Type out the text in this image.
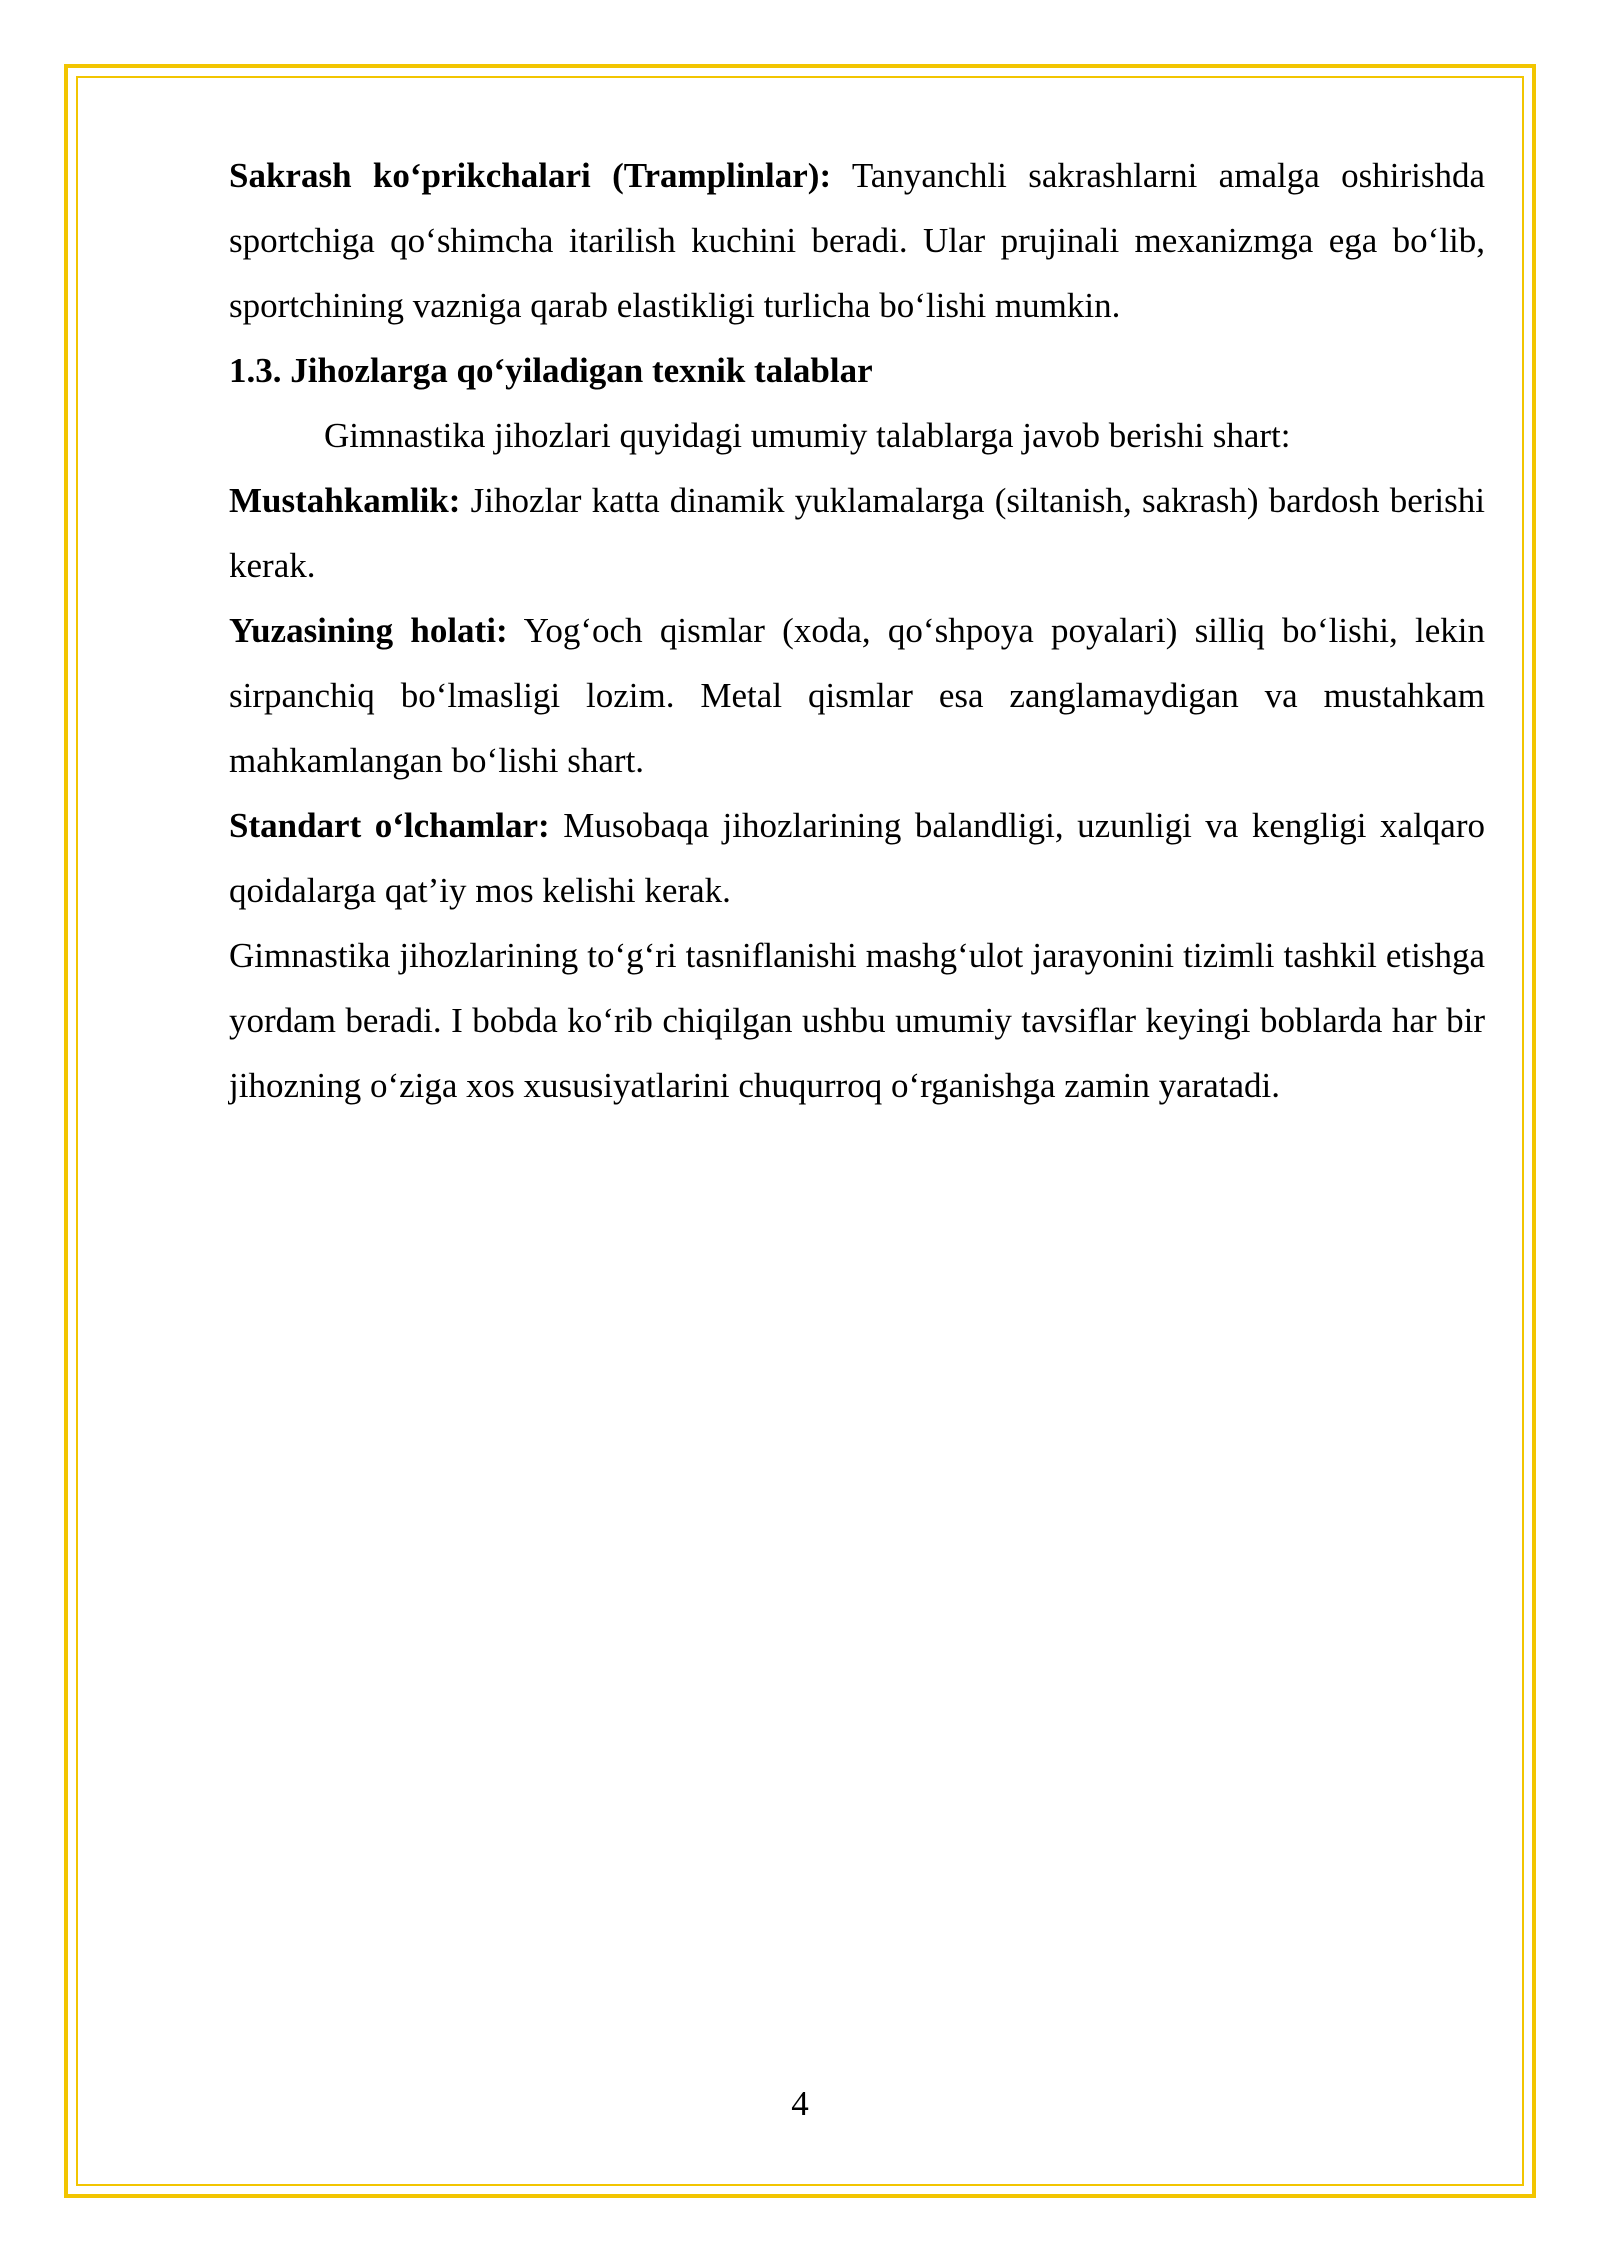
Sakrash ko‘prikchalari (Tramplinlar): Tanyanchli sakrashlarni amalga oshirishda sportchiga qo‘shimcha itarilish kuchini beradi. Ular prujinali mexanizmga ega bo‘lib, sportchining vazniga qarab elastikligi turlicha bo‘lishi mumkin.

1.3. Jihozlarga qo‘yiladigan texnik talablar

Gimnastika jihozlari quyidagi umumiy talablarga javob berishi shart:

Mustahkamlik: Jihozlar katta dinamik yuklamalarga (siltanish, sakrash) bardosh berishi kerak.

Yuzasining holati: Yog‘och qismlar (xoda, qo‘shpoya poyalari) silliq bo‘lishi, lekin sirpanchiq bo‘lmasligi lozim. Metal qismlar esa zanglamaydigan va mustahkam mahkamlangan bo‘lishi shart.

Standart o‘lchamlar: Musobaqa jihozlarining balandligi, uzunligi va kengligi xalqaro qoidalarga qat’iy mos kelishi kerak.

Gimnastika jihozlarining to‘g‘ri tasniflanishi mashg‘ulot jarayonini tizimli tashkil etishga yordam beradi. I bobda ko‘rib chiqilgan ushbu umumiy tavsiflar keyingi boblarda har bir jihozning o‘ziga xos xususiyatlarini chuqurroq o‘rganishga zamin yaratadi.

4
